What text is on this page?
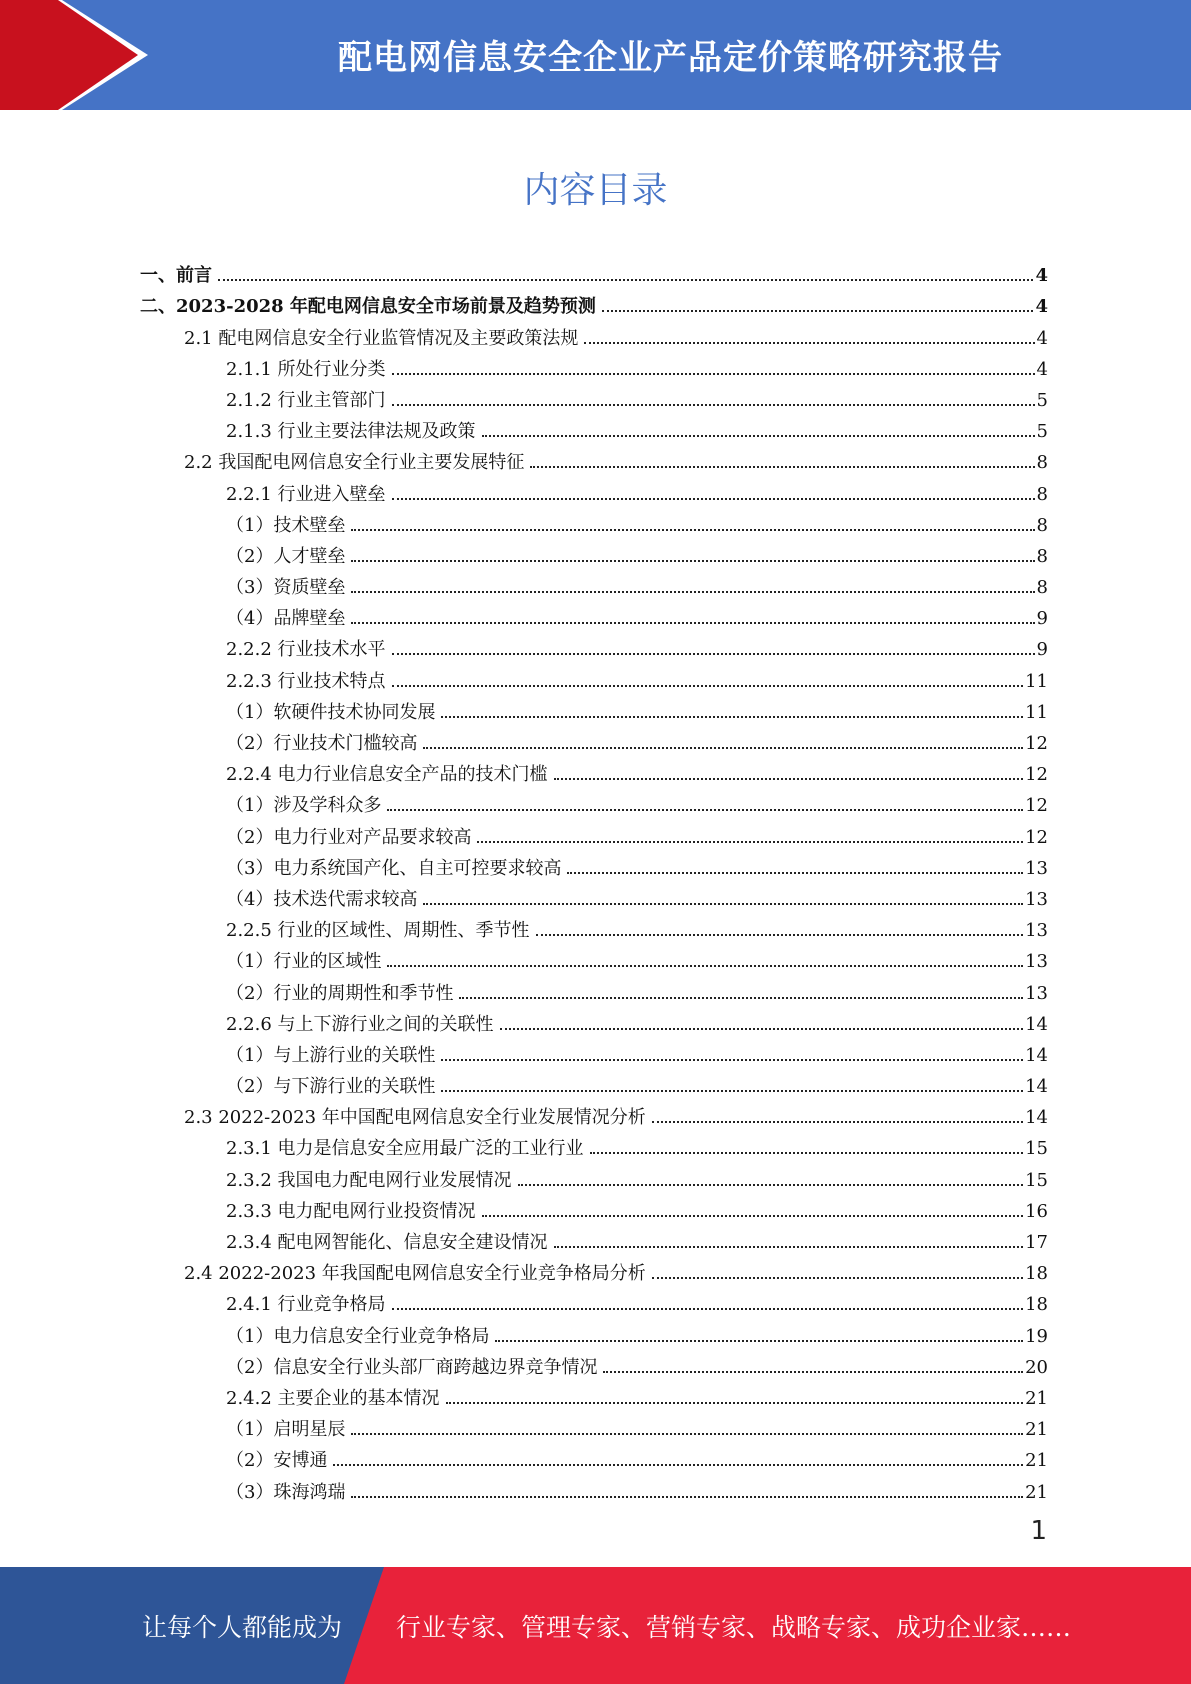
配电网信息安全企业产品定价策略研究报告
内容目录
一、前言	4
二、2023-2028 年配电网信息安全市场前景及趋势预测	4
2.1 配电网信息安全行业监管情况及主要政策法规	4
2.1.1 所处行业分类	4
2.1.2 行业主管部门	5
2.1.3 行业主要法律法规及政策	5
2.2 我国配电网信息安全行业主要发展特征	8
2.2.1 行业进入壁垒	8
（1）技术壁垒	8
（2）人才壁垒	8
（3）资质壁垒	8
（4）品牌壁垒	9
2.2.2 行业技术水平	9
2.2.3 行业技术特点	11
（1）软硬件技术协同发展	11
（2）行业技术门槛较高	12
2.2.4 电力行业信息安全产品的技术门槛	12
（1）涉及学科众多	12
（2）电力行业对产品要求较高	12
（3）电力系统国产化、自主可控要求较高	13
（4）技术迭代需求较高	13
2.2.5 行业的区域性、周期性、季节性	13
（1）行业的区域性	13
（2）行业的周期性和季节性	13
2.2.6 与上下游行业之间的关联性	14
（1）与上游行业的关联性	14
（2）与下游行业的关联性	14
2.3 2022-2023 年中国配电网信息安全行业发展情况分析	14
2.3.1 电力是信息安全应用最广泛的工业行业	15
2.3.2 我国电力配电网行业发展情况	15
2.3.3 电力配电网行业投资情况	16
2.3.4 配电网智能化、信息安全建设情况	17
2.4 2022-2023 年我国配电网信息安全行业竞争格局分析	18
2.4.1 行业竞争格局	18
（1）电力信息安全行业竞争格局	19
（2）信息安全行业头部厂商跨越边界竞争情况	20
2.4.2 主要企业的基本情况	21
（1）启明星辰	21
（2）安博通	21
（3）珠海鸿瑞	21
1
让每个人都能成为 行业专家、管理专家、营销专家、战略专家、成功企业家……
